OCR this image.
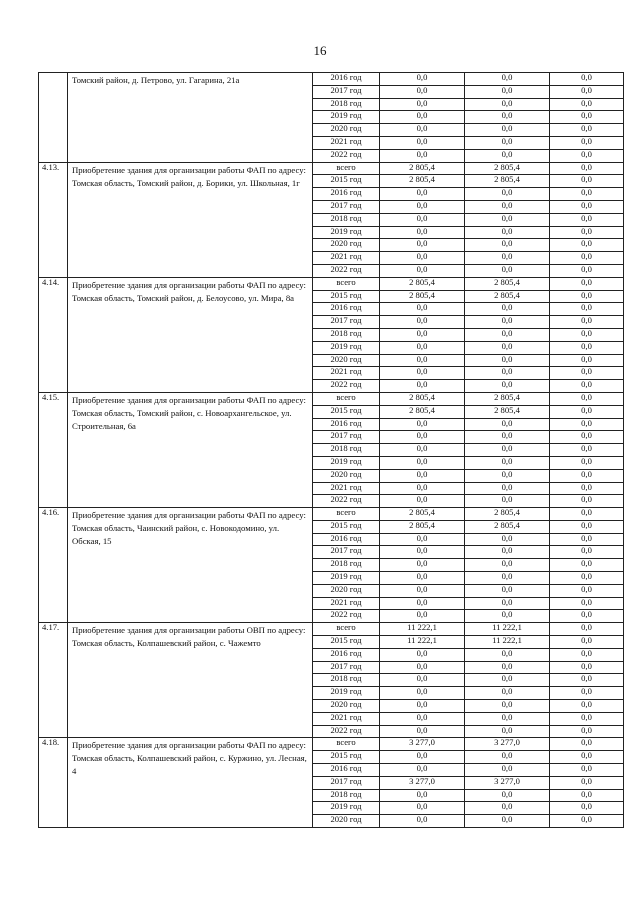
16
	Томский район, д. Петрово, ул. Гагарина, 21а	2016 год	0,0	0,0	0,0
		2017 год	0,0	0,0	0,0
		2018 год	0,0	0,0	0,0
		2019 год	0,0	0,0	0,0
		2020 год	0,0	0,0	0,0
		2021 год	0,0	0,0	0,0
		2022 год	0,0	0,0	0,0
4.13.	Приобретение здания для организации работы ФАП по адресу: Томская область, Томский район, д. Борики, ул. Школьная, 1г	всего	2 805,4	2 805,4	0,0
		2015 год	2 805,4	2 805,4	0,0
		2016 год	0,0	0,0	0,0
		2017 год	0,0	0,0	0,0
		2018 год	0,0	0,0	0,0
		2019 год	0,0	0,0	0,0
		2020 год	0,0	0,0	0,0
		2021 год	0,0	0,0	0,0
		2022 год	0,0	0,0	0,0
4.14.	Приобретение здания для организации работы ФАП по адресу: Томская область, Томский район, д. Белоусово, ул. Мира, 8а	всего	2 805,4	2 805,4	0,0
		2015 год	2 805,4	2 805,4	0,0
		2016 год	0,0	0,0	0,0
		2017 год	0,0	0,0	0,0
		2018 год	0,0	0,0	0,0
		2019 год	0,0	0,0	0,0
		2020 год	0,0	0,0	0,0
		2021 год	0,0	0,0	0,0
		2022 год	0,0	0,0	0,0
4.15.	Приобретение здания для организации работы ФАП по адресу: Томская область, Томский район, с. Новоархангельское, ул. Строительная, 6а	всего	2 805,4	2 805,4	0,0
		2015 год	2 805,4	2 805,4	0,0
		2016 год	0,0	0,0	0,0
		2017 год	0,0	0,0	0,0
		2018 год	0,0	0,0	0,0
		2019 год	0,0	0,0	0,0
		2020 год	0,0	0,0	0,0
		2021 год	0,0	0,0	0,0
		2022 год	0,0	0,0	0,0
4.16.	Приобретение здания для организации работы ФАП по адресу: Томская область, Чаинский район, с. Новокодомино, ул. Обская, 15	всего	2 805,4	2 805,4	0,0
		2015 год	2 805,4	2 805,4	0,0
		2016 год	0,0	0,0	0,0
		2017 год	0,0	0,0	0,0
		2018 год	0,0	0,0	0,0
		2019 год	0,0	0,0	0,0
		2020 год	0,0	0,0	0,0
		2021 год	0,0	0,0	0,0
		2022 год	0,0	0,0	0,0
4.17.	Приобретение здания для организации работы ОВП по адресу: Томская область, Колпашевский район, с. Чажемто	всего	11 222,1	11 222,1	0,0
		2015 год	11 222,1	11 222,1	0,0
		2016 год	0,0	0,0	0,0
		2017 год	0,0	0,0	0,0
		2018 год	0,0	0,0	0,0
		2019 год	0,0	0,0	0,0
		2020 год	0,0	0,0	0,0
		2021 год	0,0	0,0	0,0
		2022 год	0,0	0,0	0,0
4.18.	Приобретение здания для организации работы ФАП по адресу: Томская область, Колпашевский район, с. Куржино, ул. Лесная, 4	всего	3 277,0	3 277,0	0,0
		2015 год	0,0	0,0	0,0
		2016 год	0,0	0,0	0,0
		2017 год	3 277,0	3 277,0	0,0
		2018 год	0,0	0,0	0,0
		2019 год	0,0	0,0	0,0
		2020 год	0,0	0,0	0,0
